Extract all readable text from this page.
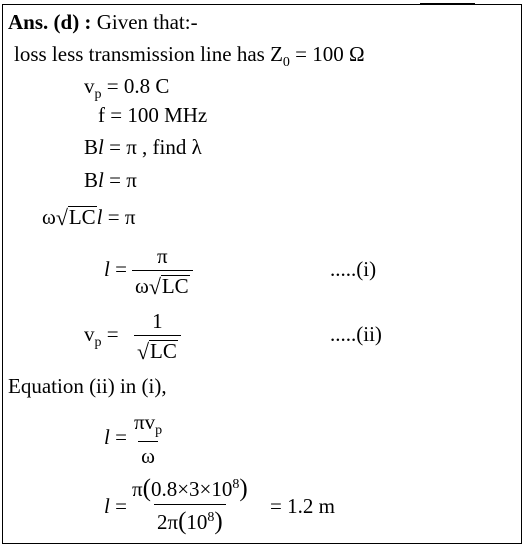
Ans. (d) : Given that:-
loss less transmission line has $Z_0 = 100$ Ω
$v_p = 0.8$ C
f = 100 MHz
Bl = π , find λ
Bl = π
ω √ LCl = π
$l = \frac{\pi}{\omega √ LC}$	.....(i)
$v_p = \frac{1}{√ LC}$	.....(ii)
Equation (ii) in (i),
l =
$\pi v_p$
ω
$l = \frac{\pi(0.8\times 3\times 10^8)}{2\pi(10^8)} = 1.2$ m
